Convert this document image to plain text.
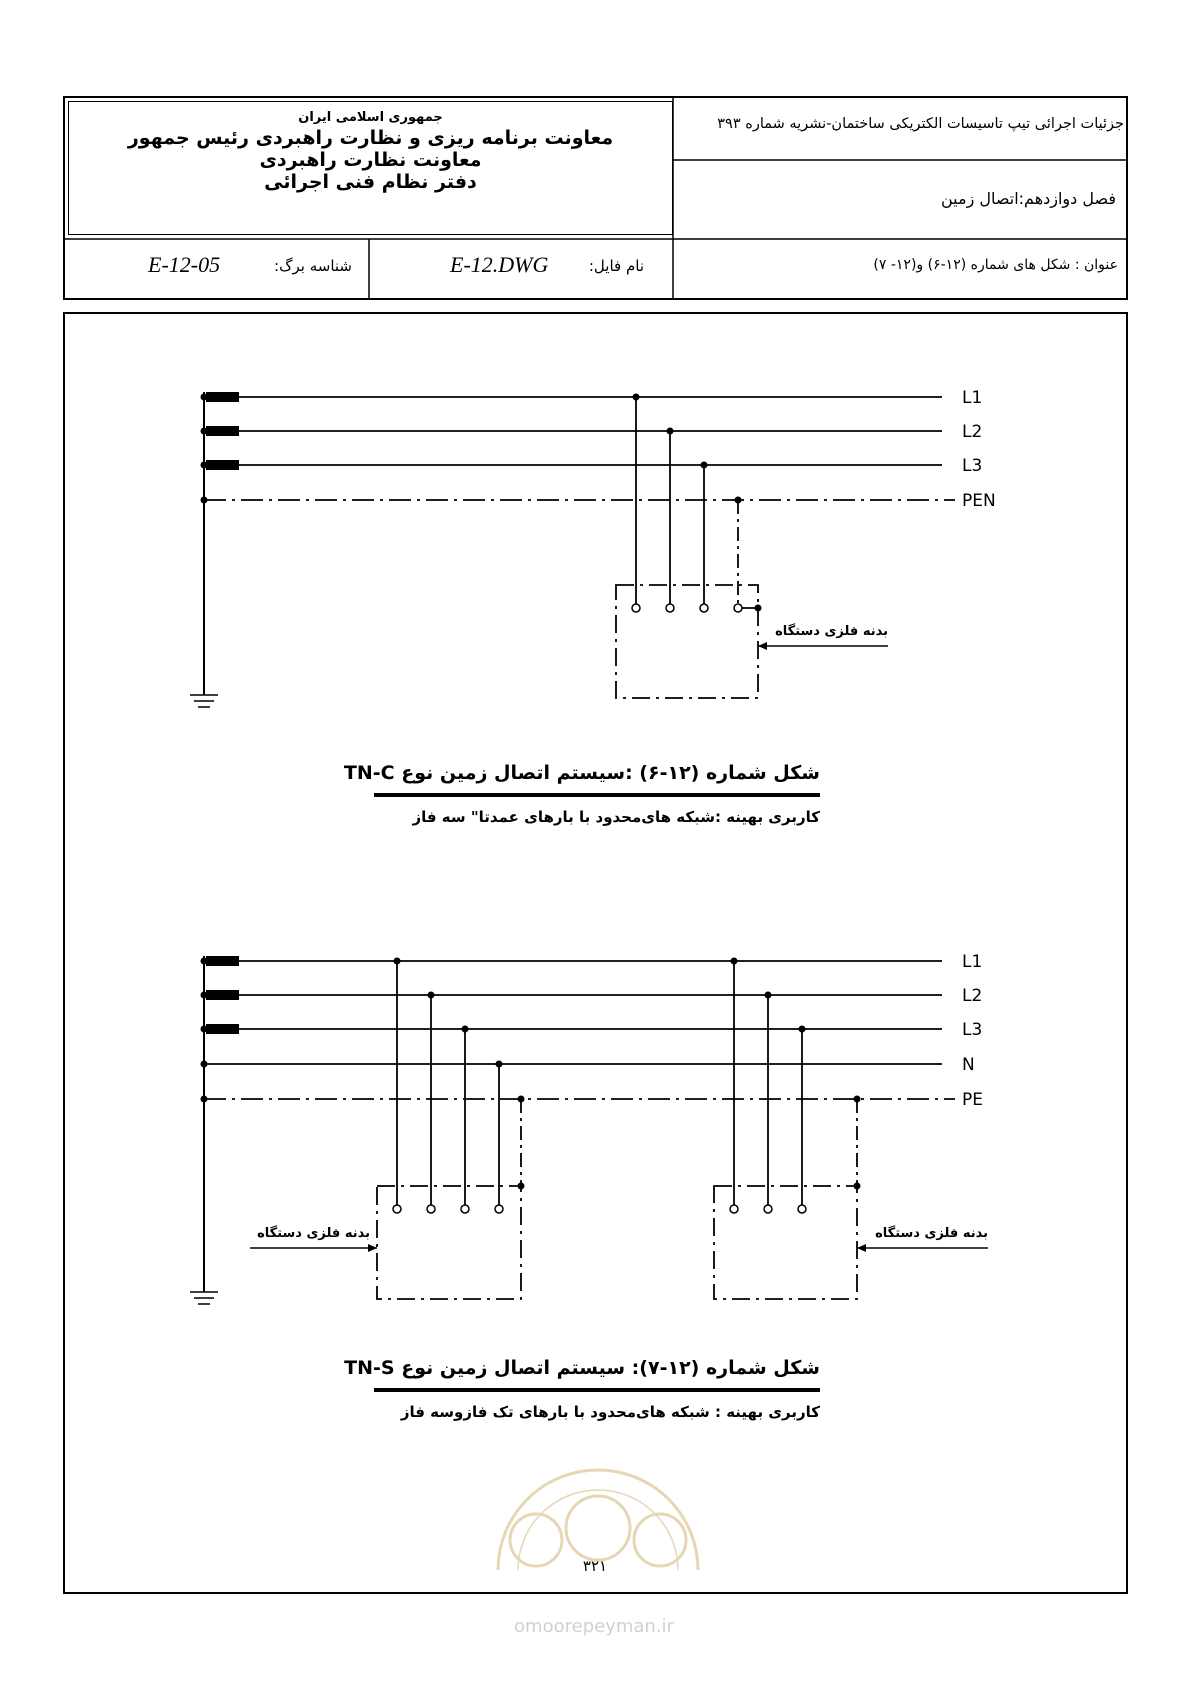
جمهوری اسلامی ایران
معاونت برنامه ریزی و نظارت راهبردی رئیس جمهور
معاونت نظارت راهبردی
دفتر نظام فنی اجرائی
جزئیات اجرائی تیپ تاسیسات الکتریکی ساختمان-نشریه شماره ۳۹۳
فصل دوازدهم:اتصال زمین
عنوان : شکل های شماره (۱۲-۶) و(۱۲- ۷)
نام فایل:
E-12.DWG
شناسه برگ:
E-12-05
L1
L2
L3
PEN
بدنه فلزی دستگاه
شکل شماره (۱۲-۶) :سیستم اتصال زمین نوع TN-C
کاربری بهینه :شبکه های‌محدود با بارهای عمدتا" سه فاز
L1
L2
L3
N
PE
بدنه فلزی دستگاه	بدنه فلزی دستگاه
شکل شماره (۱۲-۷): سیستم اتصال زمین نوع TN-S
کاربری بهینه : شبکه های‌محدود با بارهای تک فازوسه فاز
۳۲۱
omoorepeyman.ir
